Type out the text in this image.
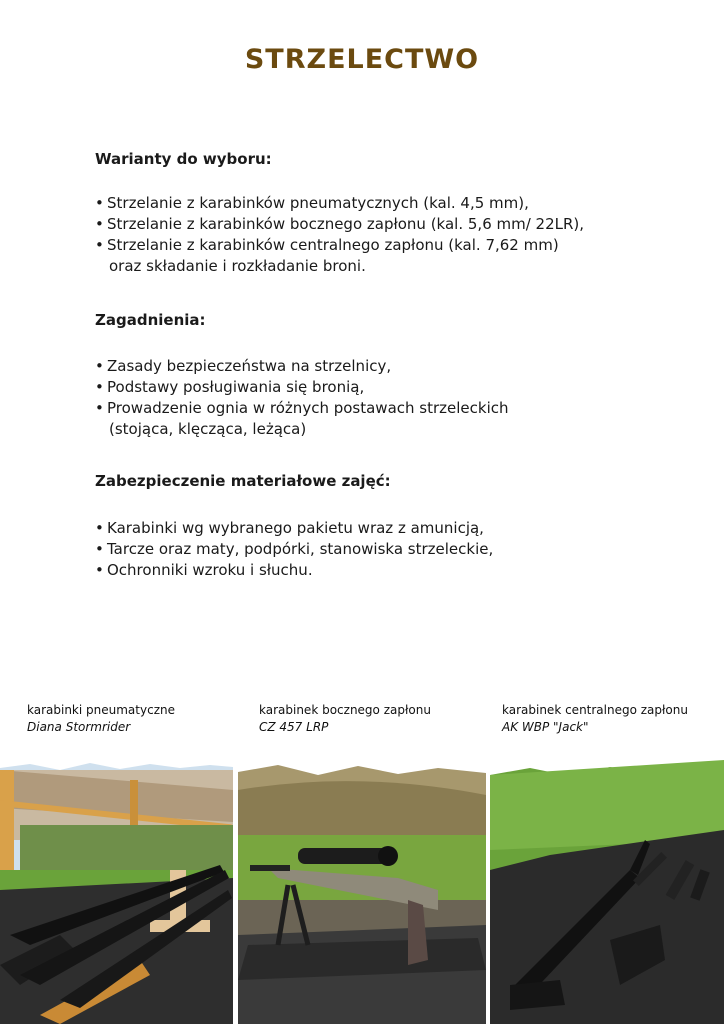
STRZELECTWO
Warianty do wyboru:
• Strzelanie z karabinków pneumatycznych (kal. 4,5 mm),
• Strzelanie z karabinków bocznego zapłonu (kal. 5,6 mm/ 22LR),
• Strzelanie z karabinków centralnego zapłonu (kal. 7,62 mm)
oraz składanie i rozkładanie broni.
Zagadnienia:
• Zasady bezpieczeństwa na strzelnicy,
• Podstawy posługiwania się bronią,
• Prowadzenie ognia w różnych postawach strzeleckich
(stojąca, klęcząca, leżąca)
Zabezpieczenie materiałowe zajęć:
• Karabinki wg wybranego pakietu wraz z amunicją,
• Tarcze oraz maty, podpórki, stanowiska strzeleckie,
• Ochronniki wzroku i słuchu.
karabinki pneumatyczne
Diana Stormrider
karabinek bocznego zapłonu
CZ 457 LRP
karabinek centralnego zapłonu
AK WBP "Jack"
